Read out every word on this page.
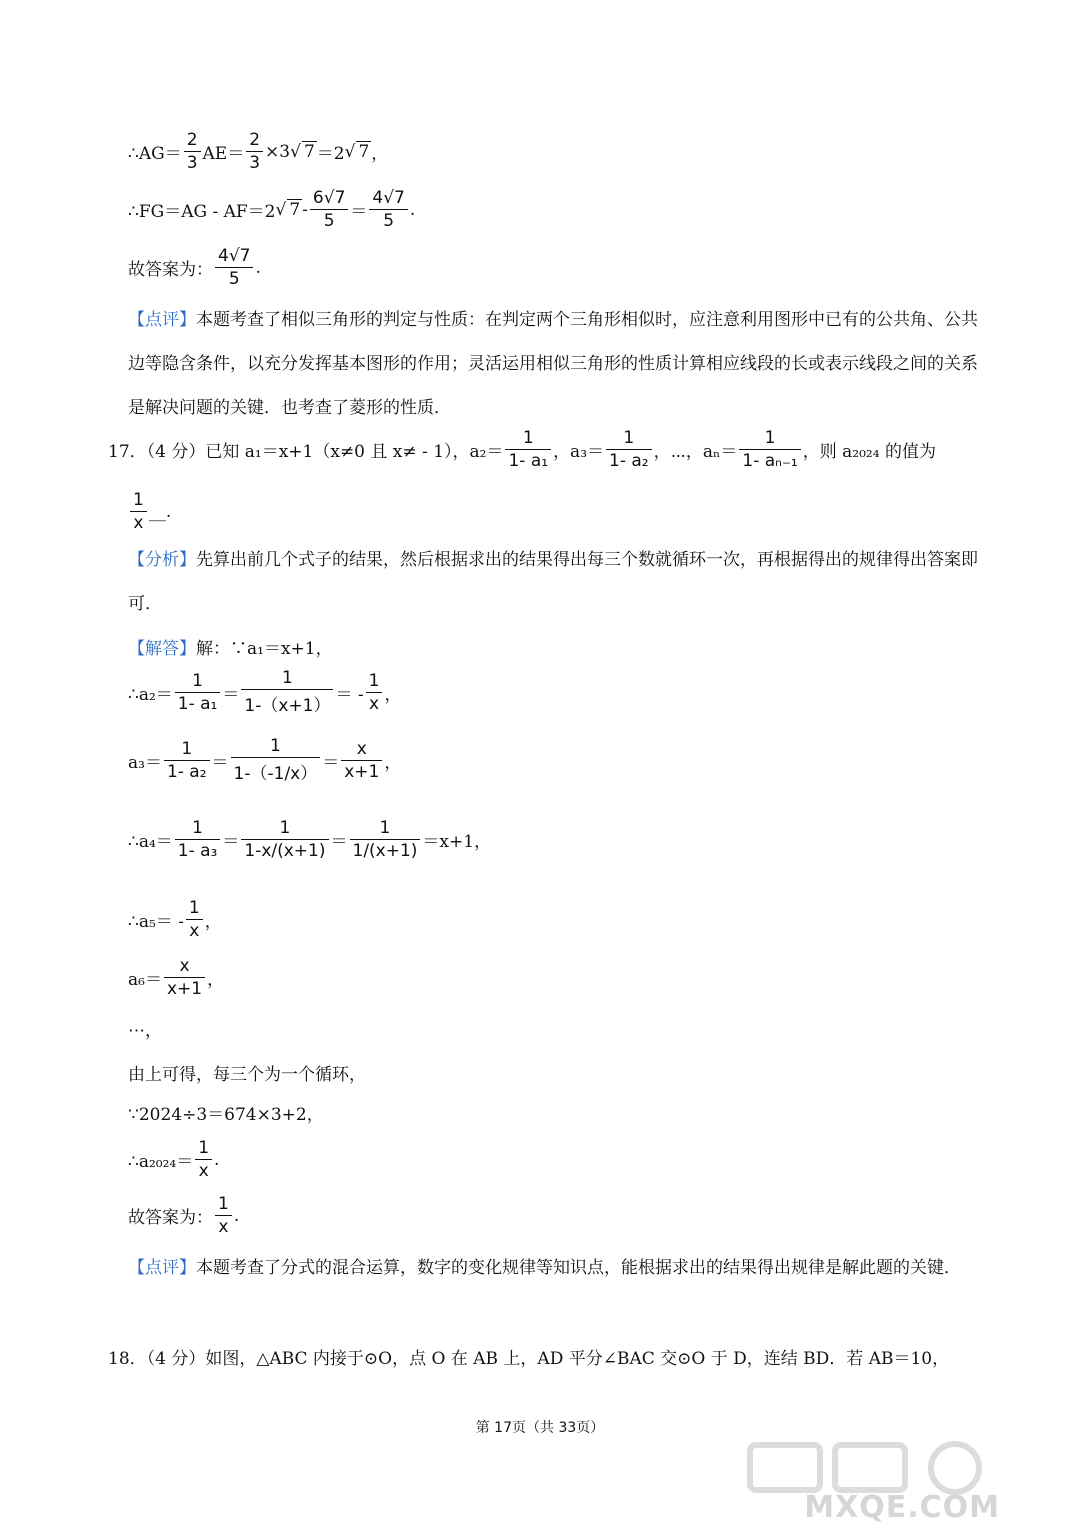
∴AG＝ $\frac{2}{3} AE= \frac{2}{3} \times 3$ √ 7 ＝2 √ 7 ，
∴FG＝AG ‐ AF＝2 √ 7 ‐ $\frac{6√7}{5} = \frac{4√7}{5}$ .
故答案为： $\frac{4√7}{5}$ .
【点评】本题考查了相似三角形的判定与性质：在判定两个三角形相似时，应注意利用图形中已有的公共角、公共边等隐含条件，以充分发挥基本图形的作用；灵活运用相似三角形的性质计算相应线段的长或表示线段之间的关系是解决问题的关键．也考查了菱形的性质．
17．（4 分）已知 a₁＝x+1（x≠0 且 x≠ ‐ 1），$a_2= \frac{1}{\text{1‐ a₁}}$ ，$a_3= \frac{1}{\text{1‐ a₂}}$ ，⋯，$a_n= \frac{1}{\text{1‐ aₙ₋₁}}$ ，则 a₂₀₂₄ 的值为
$\frac{1}{x}$ __.
【分析】先算出前几个式子的结果，然后根据求出的结果得出每三个数就循环一次，再根据得出的规律得出答案即可．
【解答】 解：∵a₁＝x+1，
∴a₂＝ $\frac{1}{\text{1‐ a₁}} = \frac{1}{1‐(x+1)}$ ＝ ‐ $\frac{1}{x}$ ，
$a_3= \frac{1}{\text{1‐ a₂}} = \frac{1}{1‐(‐1/x)} = \frac{x}{x+1}$ ，
∴a₄＝ $\frac{1}{\text{1‐ a₃}} = \frac{1}{1‐x/(x+1)} = \frac{1}{1/(x+1)} =x+1$，
∴a₅＝ ‐ $\frac{1}{x}$ ，
$a_6= \frac{x}{x+1}$ ，
⋯，
由上可得，每三个为一个循环，
∵2024÷3＝674×3+2，
∴a₂₀₂₄＝ $\frac{1}{x}$ .
故答案为： $\frac{1}{x}$ .
【点评】本题考查了分式的混合运算，数字的变化规律等知识点，能根据求出的结果得出规律是解此题的关键．
18．（4 分）如图，△ABC 内接于⊙O，点 O 在 AB 上，AD 平分∠BAC 交⊙O 于 D，连结 BD．若 AB＝10，
第 17页（共 33页）
MXQE.COM
